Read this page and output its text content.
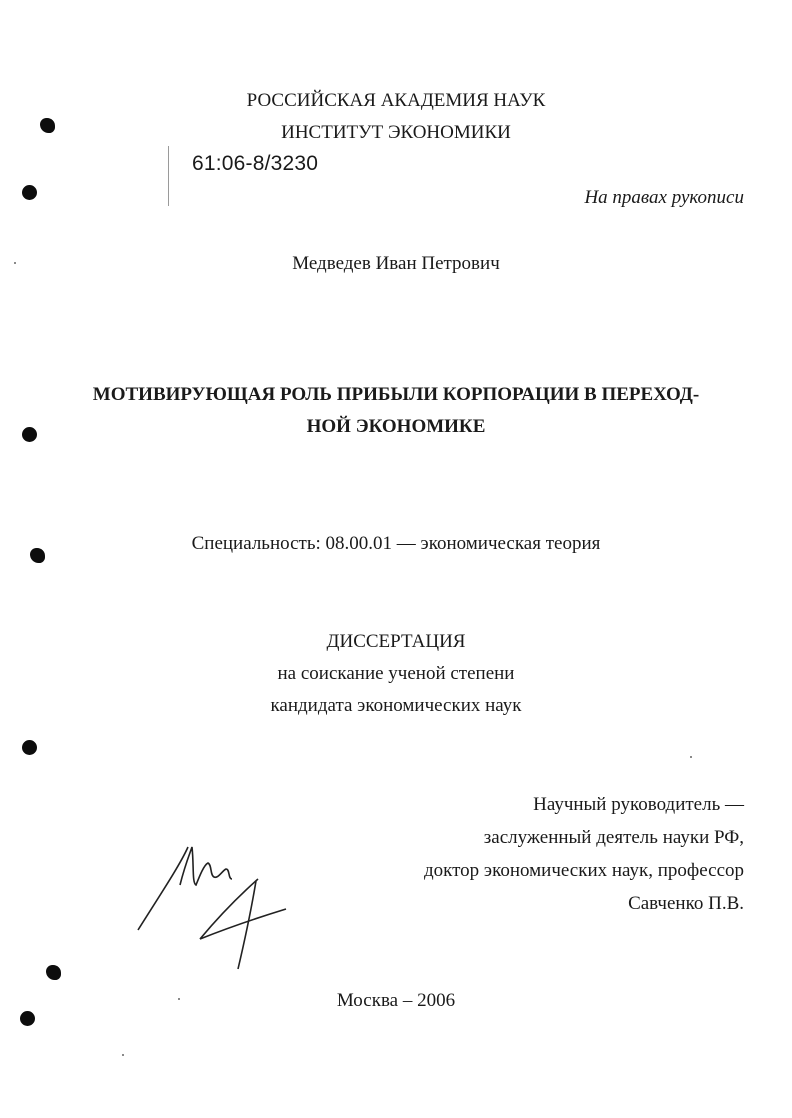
РОССИЙСКАЯ АКАДЕМИЯ НАУК
ИНСТИТУТ ЭКОНОМИКИ
61:06-8/3230
На правах рукописи
Медведев Иван Петрович
МОТИВИРУЮЩАЯ РОЛЬ ПРИБЫЛИ КОРПОРАЦИИ В ПЕРЕХОД-
НОЙ ЭКОНОМИКЕ
Специальность: 08.00.01 — экономическая теория
ДИССЕРТАЦИЯ
на соискание ученой степени
кандидата экономических наук
Научный руководитель —
заслуженный деятель науки РФ,
доктор экономических наук, профессор
Савченко П.В.
Москва – 2006
